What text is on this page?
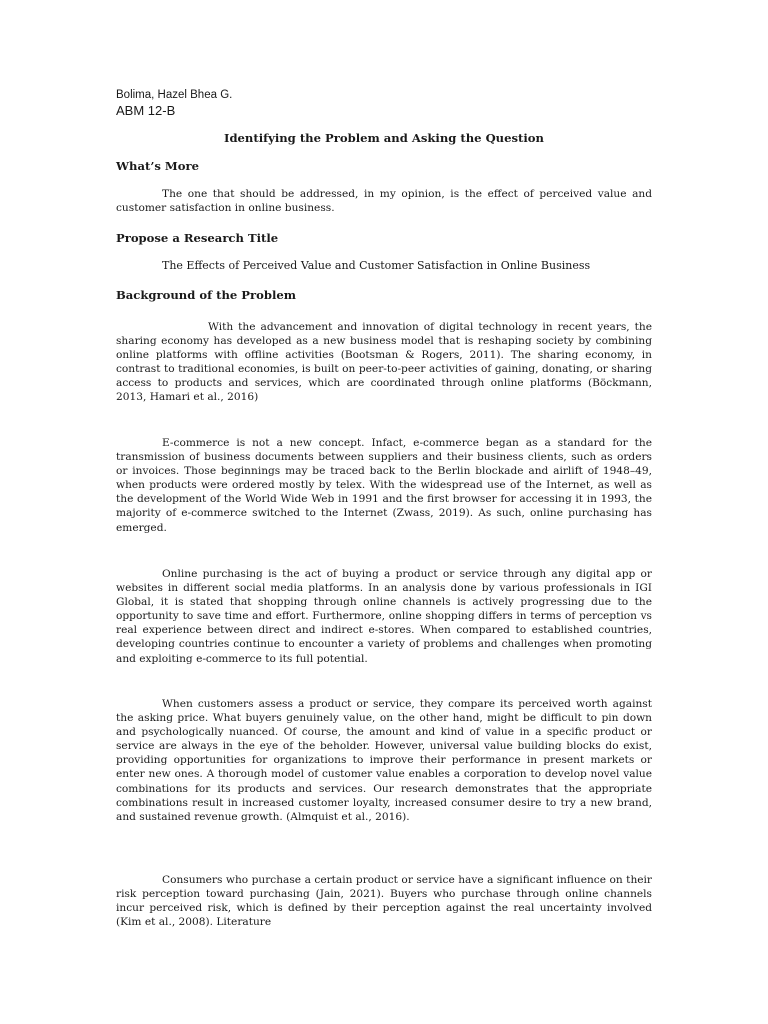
Bolima, Hazel Bhea G.
ABM 12-B
Identifying the Problem and Asking the Question
What’s More

The one that should be addressed, in my opinion, is the effect of perceived value and customer satisfaction in online business.

Propose a Research Title

The Effects of Perceived Value and Customer Satisfaction in Online Business

Background of the Problem

With the advancement and innovation of digital technology in recent years, the sharing economy has developed as a new business model that is reshaping society by combining online platforms with offline activities (Bootsman & Rogers, 2011). The sharing economy, in contrast to traditional economies, is built on peer-to-peer activities of gaining, donating, or sharing access to products and services, which are coordinated through online platforms (Böckmann, 2013, Hamari et al., 2016)

E-commerce is not a new concept. Infact, e-commerce began as a standard for the transmission of business documents between suppliers and their business clients, such as orders or invoices. Those beginnings may be traced back to the Berlin blockade and airlift of 1948–49, when products were ordered mostly by telex. With the widespread use of the Internet, as well as the development of the World Wide Web in 1991 and the first browser for accessing it in 1993, the majority of e-commerce switched to the Internet (Zwass, 2019). As such, online purchasing has emerged.

Online purchasing is the act of buying a product or service through any digital app or websites in different social media platforms. In an analysis done by various professionals in IGI Global, it is stated that shopping through online channels is actively progressing due to the opportunity to save time and effort. Furthermore, online shopping differs in terms of perception vs real experience between direct and indirect e-stores. When compared to established countries, developing countries continue to encounter a variety of problems and challenges when promoting and exploiting e-commerce to its full potential.

When customers assess a product or service, they compare its perceived worth against the asking price. What buyers genuinely value, on the other hand, might be difficult to pin down and psychologically nuanced. Of course, the amount and kind of value in a specific product or service are always in the eye of the beholder. However, universal value building blocks do exist, providing opportunities for organizations to improve their performance in present markets or enter new ones. A thorough model of customer value enables a corporation to develop novel value combinations for its products and services. Our research demonstrates that the appropriate combinations result in increased customer loyalty, increased consumer desire to try a new brand, and sustained revenue growth. (Almquist et al., 2016).

Consumers who purchase a certain product or service have a significant influence on their risk perception toward purchasing (Jain, 2021). Buyers who purchase through online channels incur perceived risk, which is defined by their perception against the real uncertainty involved (Kim et al., 2008). Literature
